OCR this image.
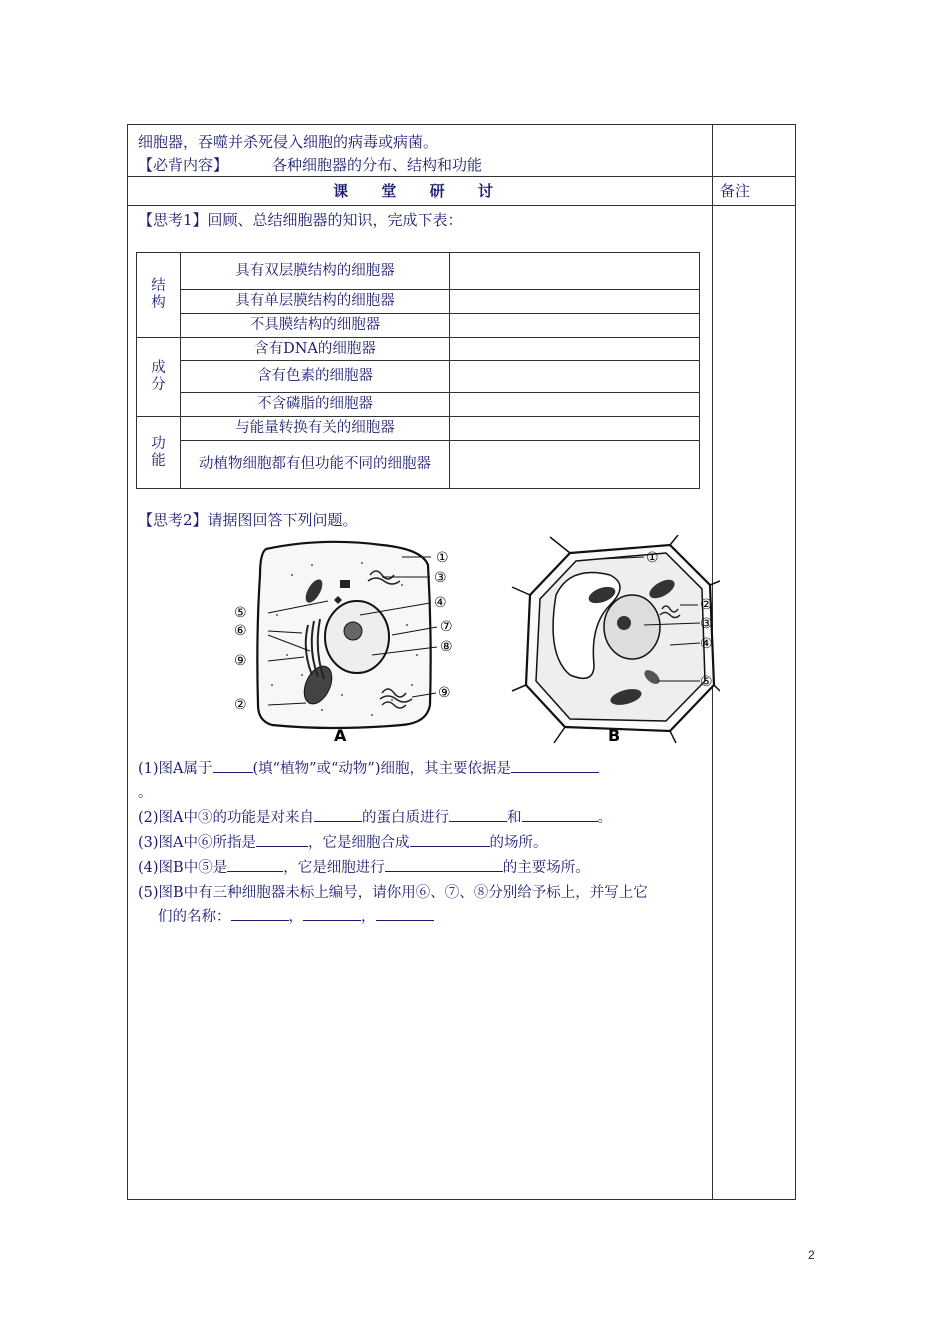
细胞器，吞噬并杀死侵入细胞的病毒或病菌。
【必背内容】	各种细胞器的分布、结构和功能
课 堂 研 讨	备注
【思考1】回顾、总结细胞器的知识，完成下表：
结构	具有双层膜结构的细胞器	
	具有单层膜结构的细胞器	
	不具膜结构的细胞器	
成分	含有DNA的细胞器	
	含有色素的细胞器	
	不含磷脂的细胞器	
功能	与能量转换有关的细胞器	
	动植物细胞都有但功能不同的细胞器	
【思考2】请据图回答下列问题。
①
③
④
⑤
⑥	⑦
⑧
⑨
⑨
②
A
①
②
③
④
⑤
B
(1)图A属于	(填“植物”或“动物”)细胞，其主要依据是
。
(2)图A中③的功能是对来自	的蛋白质进行	和	。
(3)图A中⑥所指是	，它是细胞合成	的场所。
(4)图B中⑤是	，它是细胞进行	的主要场所。
(5)图B中有三种细胞器未标上编号，请你用⑥、⑦、⑧分别给予标上，并写上它
们的名称：	，	，
2
